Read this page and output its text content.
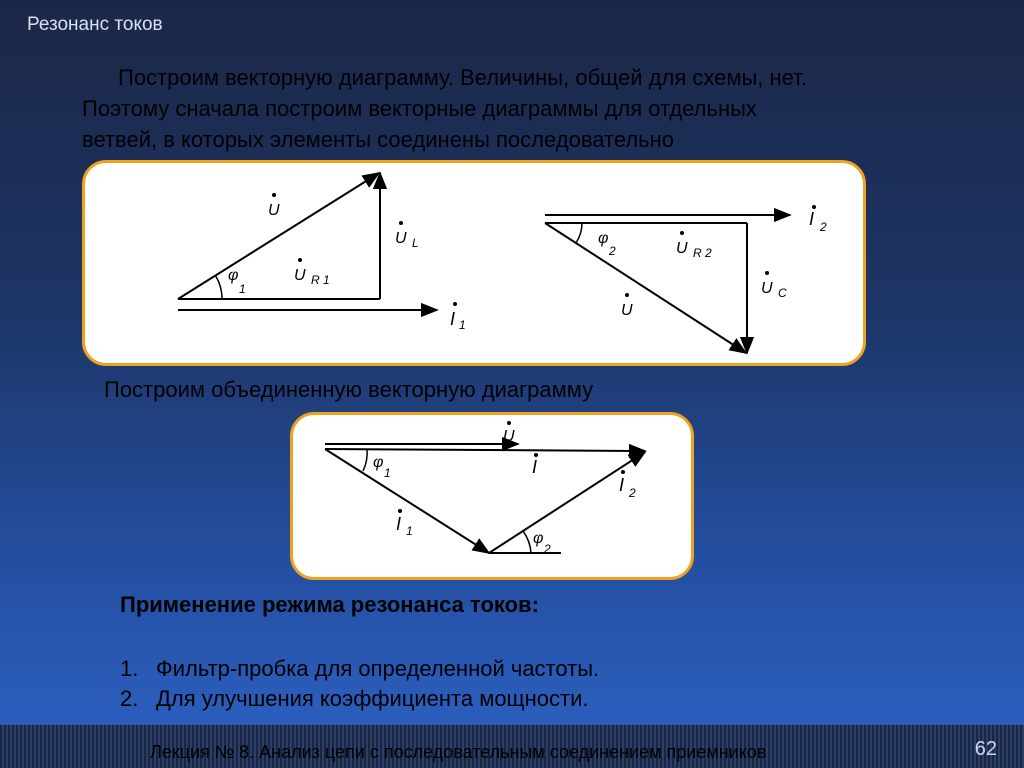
Резонанс токов
Построим векторную диаграмму. Величины, общей для схемы, нет.
Поэтому сначала построим векторные диаграммы для отдельных
ветвей, в которых элементы соединены последовательно
U
U L
U R 1
φ
1
I 1
I 2
φ
2	U R 2
U C
U
Построим объединенную векторную диаграмму
U
I
φ
1
I 2
I 1	φ
2
Применение режима резонанса токов:
1. Фильтр-пробка для определенной частоты.
2. Для улучшения коэффициента мощности.
Лекция № 8. Анализ цепи с последовательным соединением приемников	62
